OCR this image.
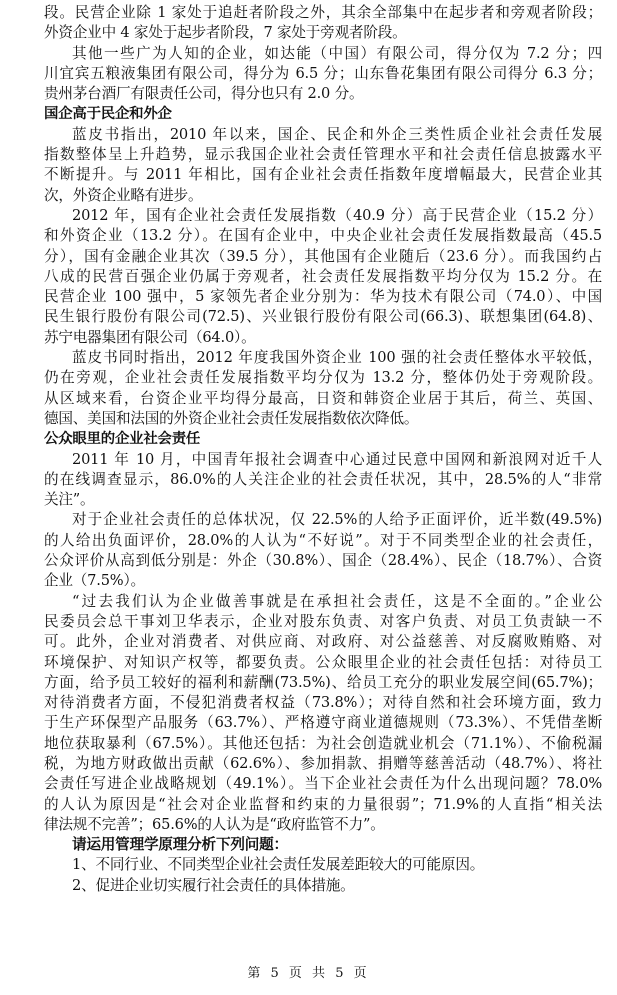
段。民营企业除 1 家处于追赶者阶段之外，其余全部集中在起步者和旁观者阶段；
外资企业中 4 家处于起步者阶段，7 家处于旁观者阶段。
其他一些广为人知的企业，如达能（中国）有限公司，得分仅为 7.2 分；四
川宜宾五粮液集团有限公司，得分为 6.5 分；山东鲁花集团有限公司得分 6.3 分；
贵州茅台酒厂有限责任公司，得分也只有 2.0 分。
国企高于民企和外企
蓝皮书指出，2010 年以来，国企、民企和外企三类性质企业社会责任发展
指数整体呈上升趋势，显示我国企业社会责任管理水平和社会责任信息披露水平
不断提升。与 2011 年相比，国有企业社会责任指数年度增幅最大，民营企业其
次，外资企业略有进步。
2012 年，国有企业社会责任发展指数（40.9 分）高于民营企业（15.2 分）
和外资企业（13.2 分）。在国有企业中，中央企业社会责任发展指数最高（45.5
分），国有金融企业其次（39.5 分），其他国有企业随后（23.6 分）。而我国约占
八成的民营百强企业仍属于旁观者，社会责任发展指数平均分仅为 15.2 分。在
民营企业 100 强中，5 家领先者企业分别为：华为技术有限公司（74.0）、中国
民生银行股份有限公司(72.5)、兴业银行股份有限公司(66.3)、联想集团(64.8)、
苏宁电器集团有限公司（64.0）。
蓝皮书同时指出，2012 年度我国外资企业 100 强的社会责任整体水平较低，
仍在旁观，企业社会责任发展指数平均分仅为 13.2 分，整体仍处于旁观阶段。
从区域来看，台资企业平均得分最高，日资和韩资企业居于其后，荷兰、英国、
德国、美国和法国的外资企业社会责任发展指数依次降低。
公众眼里的企业社会责任
2011 年 10 月，中国青年报社会调查中心通过民意中国网和新浪网对近千人
的在线调查显示，86.0%的人关注企业的社会责任状况，其中，28.5%的人“非常
关注”。
对于企业社会责任的总体状况，仅 22.5%的人给予正面评价，近半数(49.5%)
的人给出负面评价，28.0%的人认为“不好说”。对于不同类型企业的社会责任，
公众评价从高到低分别是：外企（30.8%）、国企（28.4%）、民企（18.7%）、合资
企业（7.5%）。
“过去我们认为企业做善事就是在承担社会责任，这是不全面的。”企业公
民委员会总干事刘卫华表示，企业对股东负责、对客户负责、对员工负责缺一不
可。此外，企业对消费者、对供应商、对政府、对公益慈善、对反腐败贿赂、对
环境保护、对知识产权等，都要负责。公众眼里企业的社会责任包括：对待员工
方面，给予员工较好的福利和薪酬(73.5%)、给员工充分的职业发展空间(65.7%)；
对待消费者方面，不侵犯消费者权益（73.8%）；对待自然和社会环境方面，致力
于生产环保型产品服务（63.7%）、严格遵守商业道德规则（73.3%）、不凭借垄断
地位获取暴利（67.5%）。其他还包括：为社会创造就业机会（71.1%）、不偷税漏
税，为地方财政做出贡献（62.6%）、参加捐款、捐赠等慈善活动（48.7%）、将社
会责任写进企业战略规划（49.1%）。当下企业社会责任为什么出现问题？78.0%
的人认为原因是“社会对企业监督和约束的力量很弱”；71.9%的人直指“相关法
律法规不完善”；65.6%的人认为是“政府监管不力”。
请运用管理学原理分析下列问题：
1、不同行业、不同类型企业社会责任发展差距较大的可能原因。
2、促进企业切实履行社会责任的具体措施。
第 5 页 共 5 页
